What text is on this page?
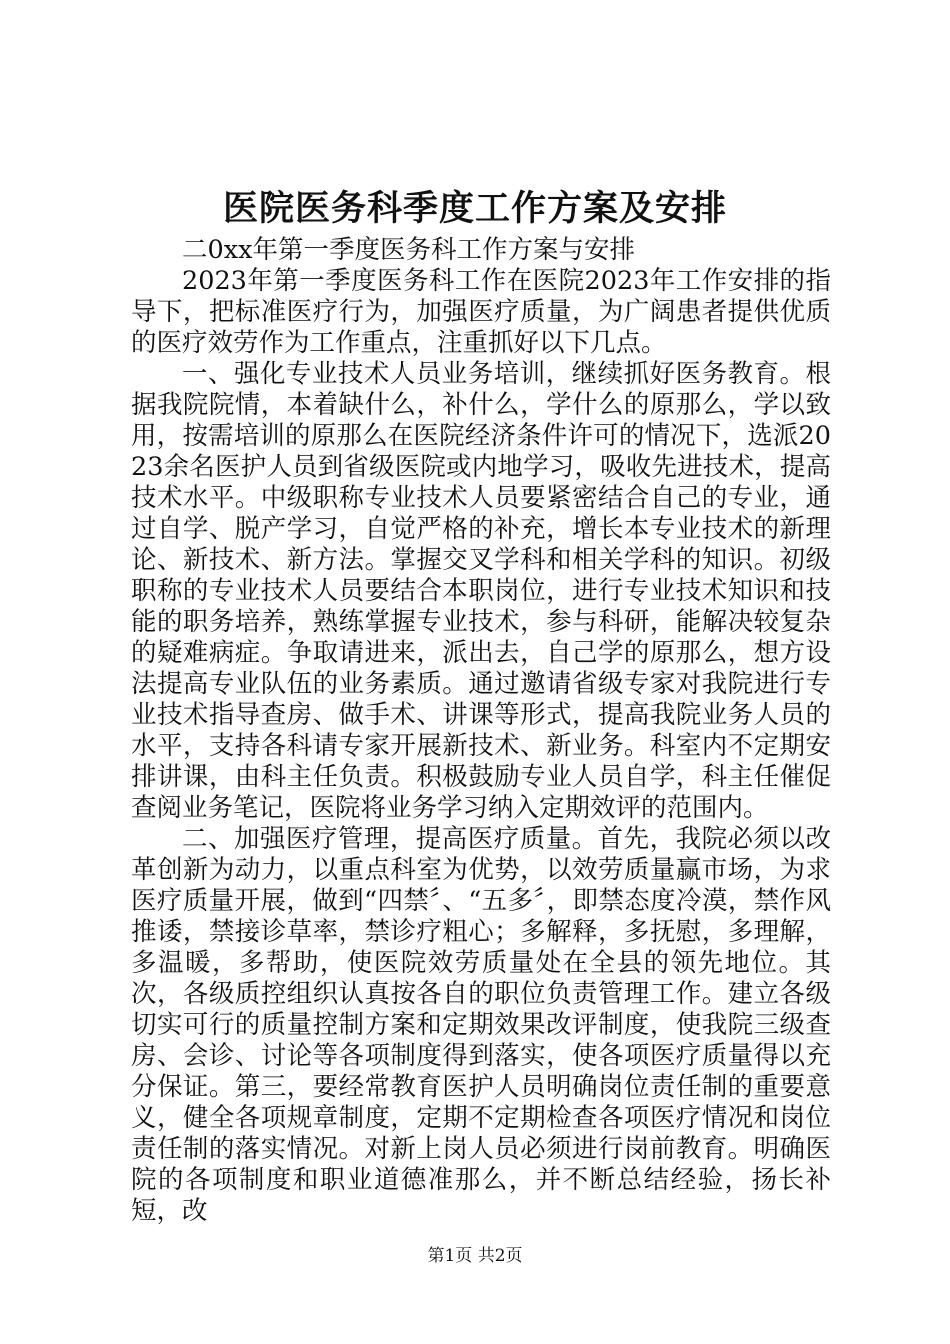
医院医务科季度工作方案及安排

二0xx年第一季度医务科工作方案与安排

2023年第一季度医务科工作在医院2023年工作安排的指导下，把标准医疗行为，加强医疗质量，为广阔患者提供优质的医疗效劳作为工作重点，注重抓好以下几点。

一、强化专业技术人员业务培训，继续抓好医务教育。根据我院院情，本着缺什么，补什么，学什么的原那么，学以致用，按需培训的原那么在医院经济条件许可的情况下，选派2023余名医护人员到省级医院或内地学习，吸收先进技术，提高技术水平。中级职称专业技术人员要紧密结合自己的专业，通过自学、脱产学习，自觉严格的补充，增长本专业技术的新理论、新技术、新方法。掌握交叉学科和相关学科的知识。初级职称的专业技术人员要结合本职岗位，进行专业技术知识和技能的职务培养，熟练掌握专业技术，参与科研，能解决较复杂的疑难病症。争取请进来，派出去，自己学的原那么，想方设法提高专业队伍的业务素质。通过邀请省级专家对我院进行专业技术指导查房、做手术、讲课等形式，提高我院业务人员的水平，支持各科请专家开展新技术、新业务。科室内不定期安排讲课，由科主任负责。积极鼓励专业人员自学，科主任催促查阅业务笔记，医院将业务学习纳入定期效评的范围内。

二、加强医疗管理，提高医疗质量。首先，我院必须以改革创新为动力，以重点科室为优势，以效劳质量赢市场，为求医疗质量开展，做到“四禁〞、“五多〞，即禁态度冷漠，禁作风推诿，禁接诊草率，禁诊疗粗心；多解释，多抚慰，多理解，多温暖，多帮助，使医院效劳质量处在全县的领先地位。其次，各级质控组织认真按各自的职位负责管理工作。建立各级切实可行的质量控制方案和定期效果改评制度，使我院三级查房、会诊、讨论等各项制度得到落实，使各项医疗质量得以充分保证。第三，要经常教育医护人员明确岗位责任制的重要意义，健全各项规章制度，定期不定期检查各项医疗情况和岗位责任制的落实情况。对新上岗人员必须进行岗前教育。明确医院的各项制度和职业道德准那么，并不断总结经验，扬长补短，改

第1页 共2页
